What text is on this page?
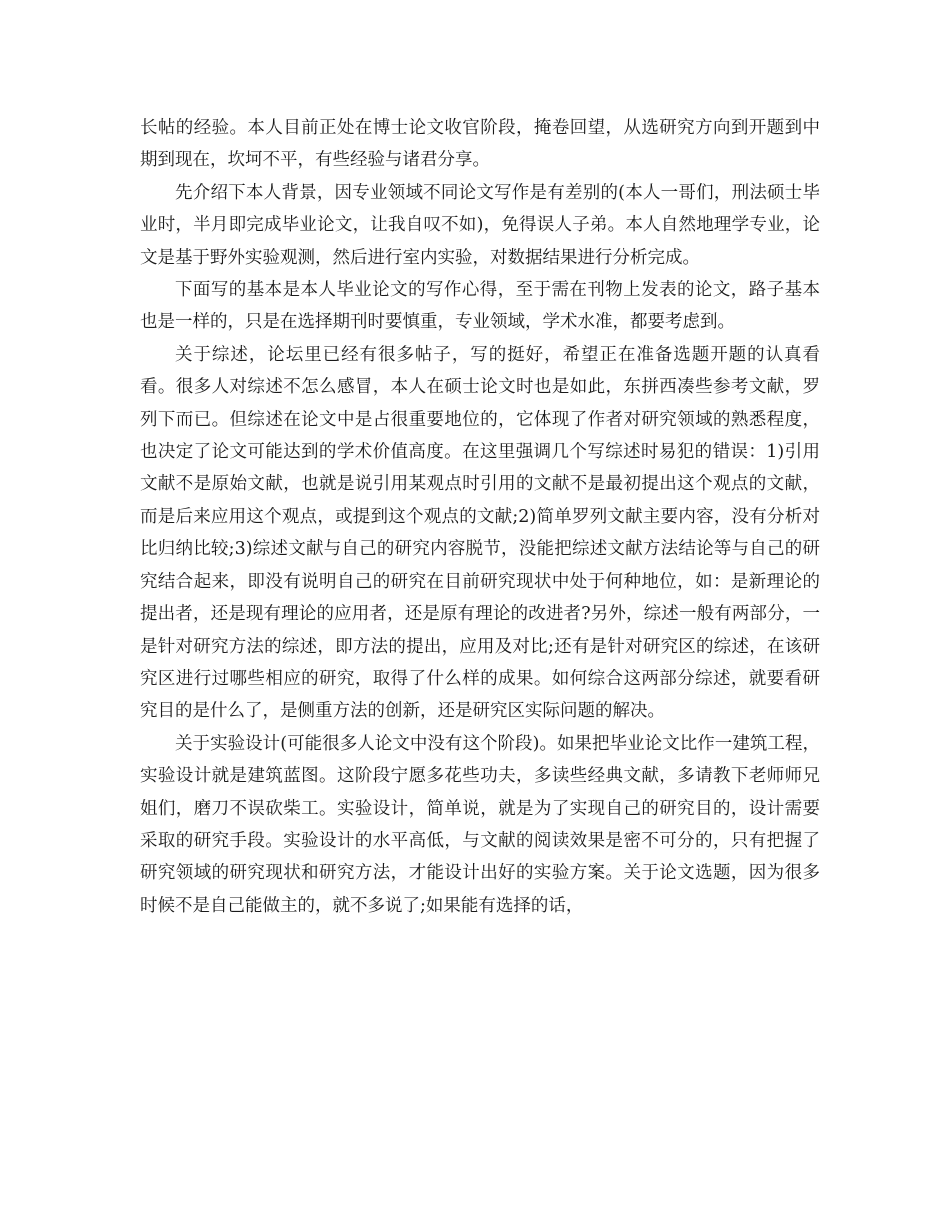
长帖的经验。本人目前正处在博士论文收官阶段，掩卷回望，从选研究方向到开题到中期到现在，坎坷不平，有些经验与诸君分享。

先介绍下本人背景，因专业领域不同论文写作是有差别的(本人一哥们，刑法硕士毕业时，半月即完成毕业论文，让我自叹不如)，免得误人子弟。本人自然地理学专业，论文是基于野外实验观测，然后进行室内实验，对数据结果进行分析完成。

下面写的基本是本人毕业论文的写作心得，至于需在刊物上发表的论文，路子基本也是一样的，只是在选择期刊时要慎重，专业领域，学术水准，都要考虑到。

关于综述，论坛里已经有很多帖子，写的挺好，希望正在准备选题开题的认真看看。很多人对综述不怎么感冒，本人在硕士论文时也是如此，东拼西凑些参考文献，罗列下而已。但综述在论文中是占很重要地位的，它体现了作者对研究领域的熟悉程度，也决定了论文可能达到的学术价值高度。在这里强调几个写综述时易犯的错误：1)引用文献不是原始文献，也就是说引用某观点时引用的文献不是最初提出这个观点的文献，而是后来应用这个观点，或提到这个观点的文献;2)简单罗列文献主要内容，没有分析对比归纳比较;3)综述文献与自己的研究内容脱节，没能把综述文献方法结论等与自己的研究结合起来，即没有说明自己的研究在目前研究现状中处于何种地位，如：是新理论的提出者，还是现有理论的应用者，还是原有理论的改进者?另外，综述一般有两部分，一是针对研究方法的综述，即方法的提出，应用及对比;还有是针对研究区的综述，在该研究区进行过哪些相应的研究，取得了什么样的成果。如何综合这两部分综述，就要看研究目的是什么了，是侧重方法的创新，还是研究区实际问题的解决。

关于实验设计(可能很多人论文中没有这个阶段)。如果把毕业论文比作一建筑工程，实验设计就是建筑蓝图。这阶段宁愿多花些功夫，多读些经典文献，多请教下老师师兄姐们，磨刀不误砍柴工。实验设计，简单说，就是为了实现自己的研究目的，设计需要采取的研究手段。实验设计的水平高低，与文献的阅读效果是密不可分的，只有把握了研究领域的研究现状和研究方法，才能设计出好的实验方案。关于论文选题，因为很多时候不是自己能做主的，就不多说了;如果能有选择的话，
